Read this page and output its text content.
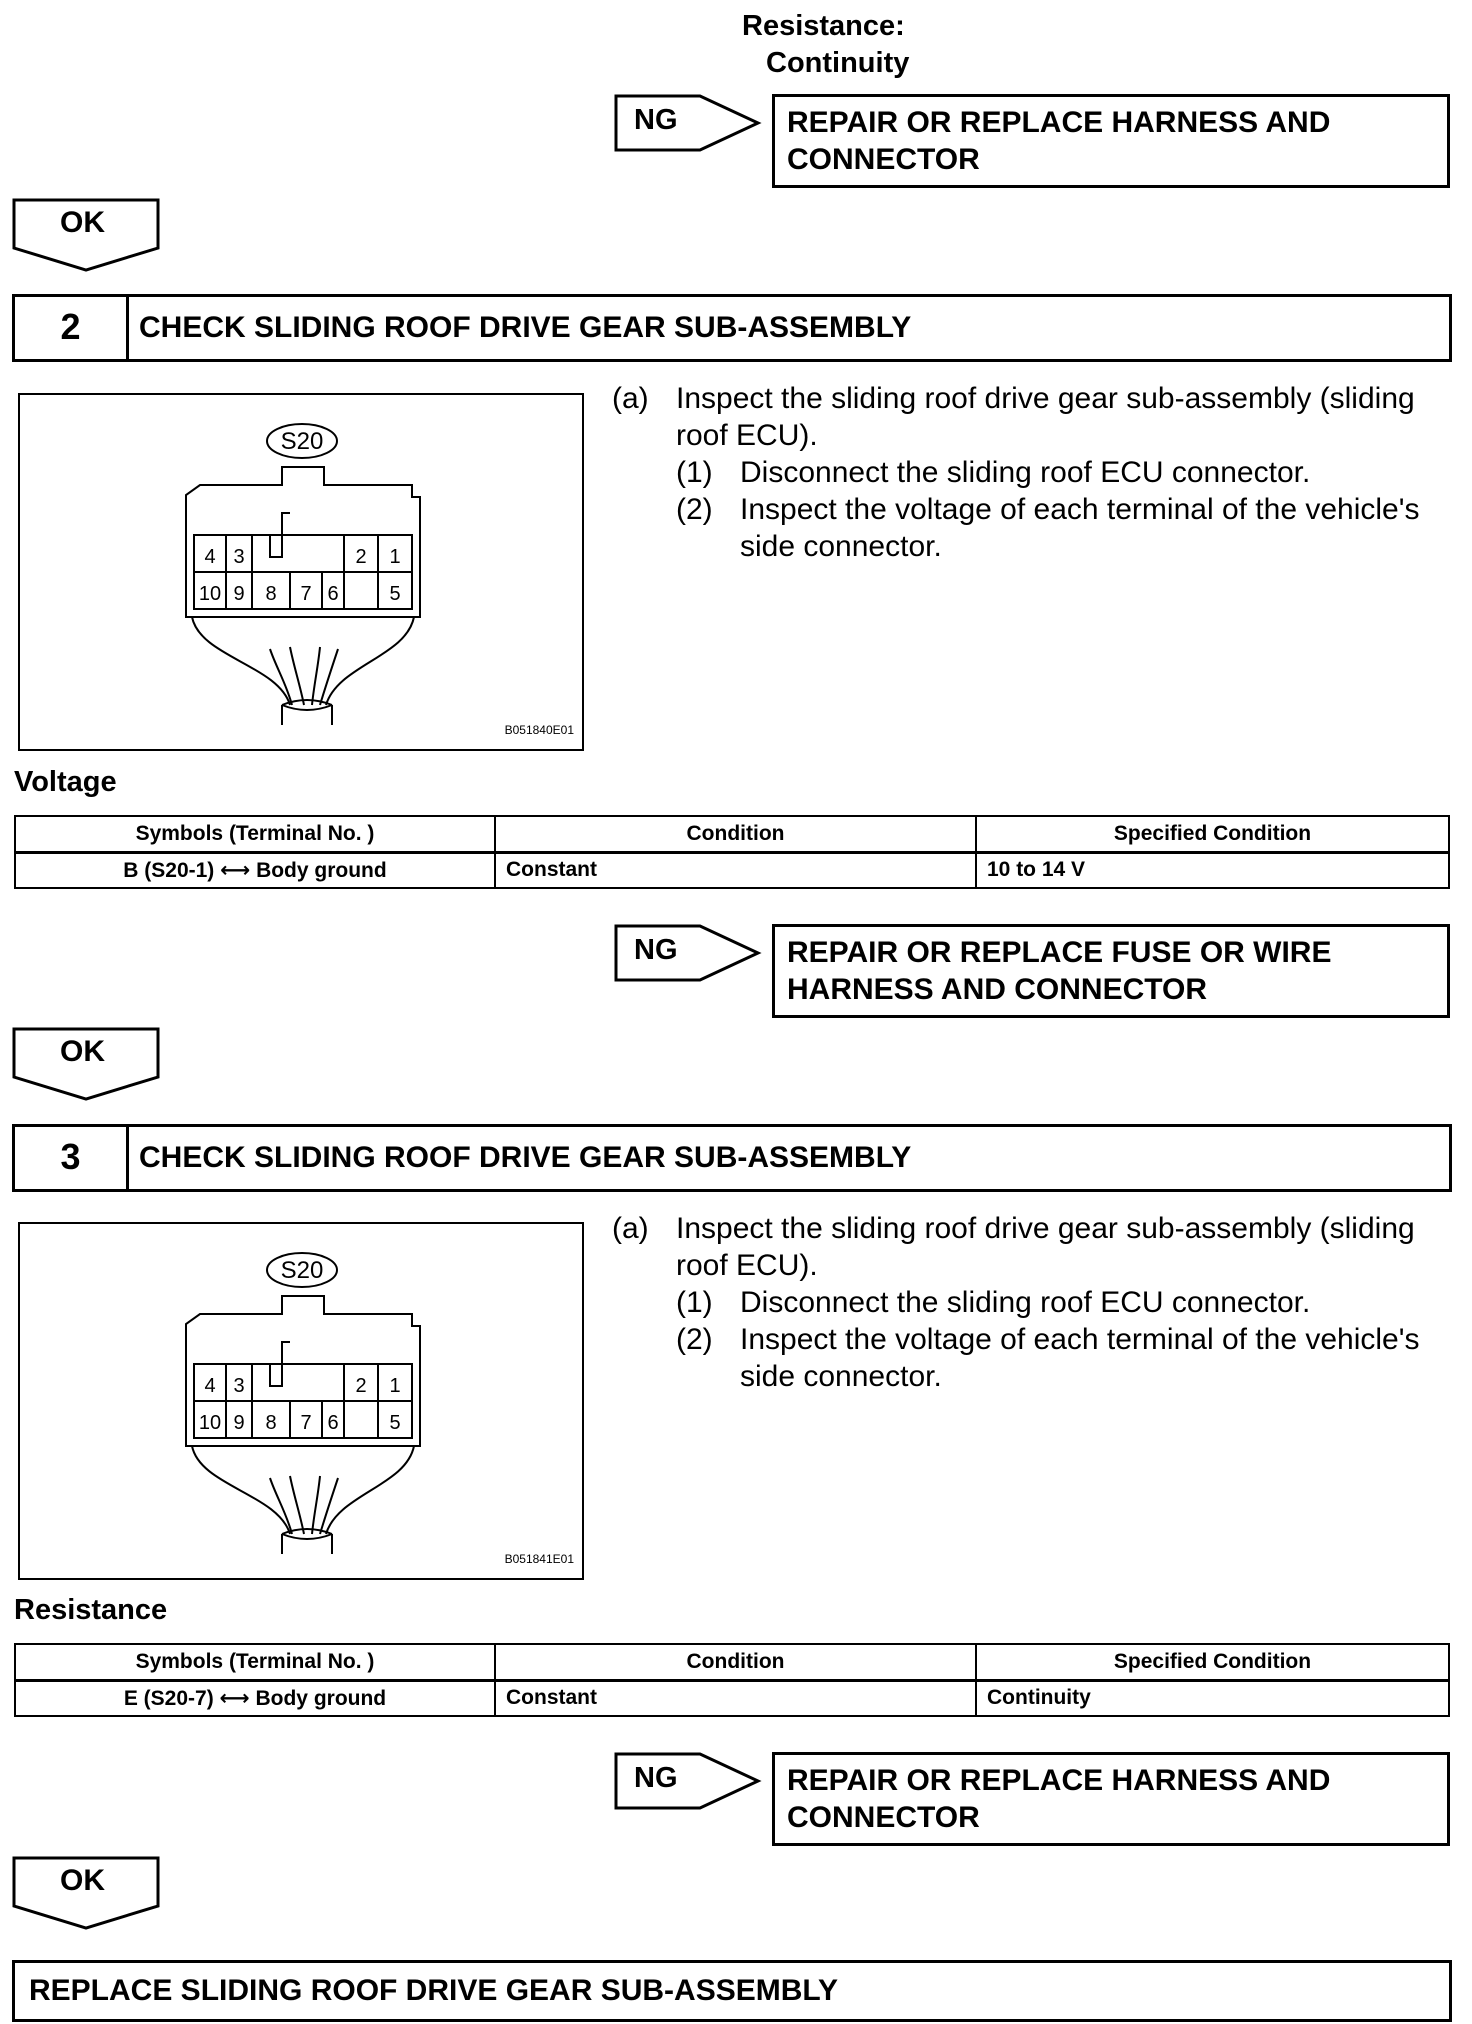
Resistance:
Continuity
NG	REPAIR OR REPLACE HARNESS AND
CONNECTOR
OK
2	CHECK SLIDING ROOF DRIVE GEAR SUB-ASSEMBLY
S20
4 3	2 1
10 9 8 7 6	5
B051840E01
(a) Inspect the sliding roof drive gear sub-assembly (sliding roof ECU).
(1) Disconnect the sliding roof ECU connector.
(2) Inspect the voltage of each terminal of the vehicle's side connector.
Voltage
Symbols (Terminal No. )	Condition	Specified Condition
B (S20-1) ⟷ Body ground	Constant	10 to 14 V
NG	REPAIR OR REPLACE FUSE OR WIRE
HARNESS AND CONNECTOR
OK
3	CHECK SLIDING ROOF DRIVE GEAR SUB-ASSEMBLY
S20
4 3	2 1
10 9 8 7 6	5
B051841E01
(a) Inspect the sliding roof drive gear sub-assembly (sliding roof ECU).
(1) Disconnect the sliding roof ECU connector.
(2) Inspect the voltage of each terminal of the vehicle's side connector.
Resistance
Symbols (Terminal No. )	Condition	Specified Condition
E (S20-7) ⟷ Body ground	Constant	Continuity
NG	REPAIR OR REPLACE HARNESS AND
CONNECTOR
OK
REPLACE SLIDING ROOF DRIVE GEAR SUB-ASSEMBLY
